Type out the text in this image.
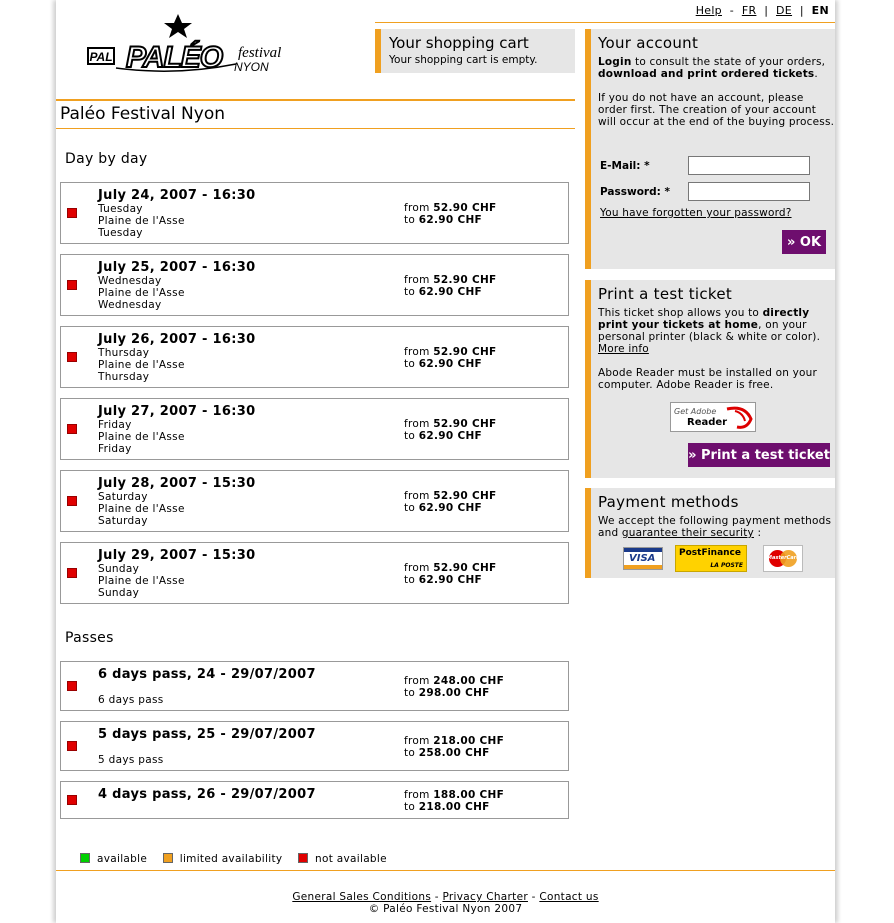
Help - FR | DE | EN
PAL PALÉO NYON
festival
Your shopping cart

Your shopping cart is empty.

Paléo Festival Nyon
Day by day
July 24, 2007 - 16:30
Tuesday
Plaine de l'Asse
Tuesday
from 52.90 CHF
to 62.90 CHF
July 25, 2007 - 16:30
Wednesday
Plaine de l'Asse
Wednesday
from 52.90 CHF
to 62.90 CHF
July 26, 2007 - 16:30
Thursday
Plaine de l'Asse
Thursday
from 52.90 CHF
to 62.90 CHF
July 27, 2007 - 16:30
Friday
Plaine de l'Asse
Friday
from 52.90 CHF
to 62.90 CHF
July 28, 2007 - 15:30
Saturday
Plaine de l'Asse
Saturday
from 52.90 CHF
to 62.90 CHF
July 29, 2007 - 15:30
Sunday
Plaine de l'Asse
Sunday
from 52.90 CHF
to 62.90 CHF
Passes
6 days pass, 24 - 29/07/2007
6 days pass
from 248.00 CHF
to 298.00 CHF
5 days pass, 25 - 29/07/2007
5 days pass
from 218.00 CHF
to 258.00 CHF
4 days pass, 26 - 29/07/2007	from 188.00 CHF
to 218.00 CHF
available	limited availability	not available
General Sales Conditions - Privacy Charter - Contact us
© Paléo Festival Nyon 2007
Your account

Login to consult the state of your orders, download and print ordered tickets.

If you do not have an account, please order first. The creation of your account will occur at the end of the buying process.

E-Mail: *
Password: *
You have forgotten your password?
» OK
Print a test ticket

This ticket shop allows you to directly print your tickets at home, on your personal printer (black & white or color). More info

Abode Reader must be installed on your computer. Adobe Reader is free.

Get Adobe
Reader
» Print a test ticket
Payment methods

We accept the following payment methods and guarantee their security :

VISA	PostFinance
LA POSTE
MasterCard
